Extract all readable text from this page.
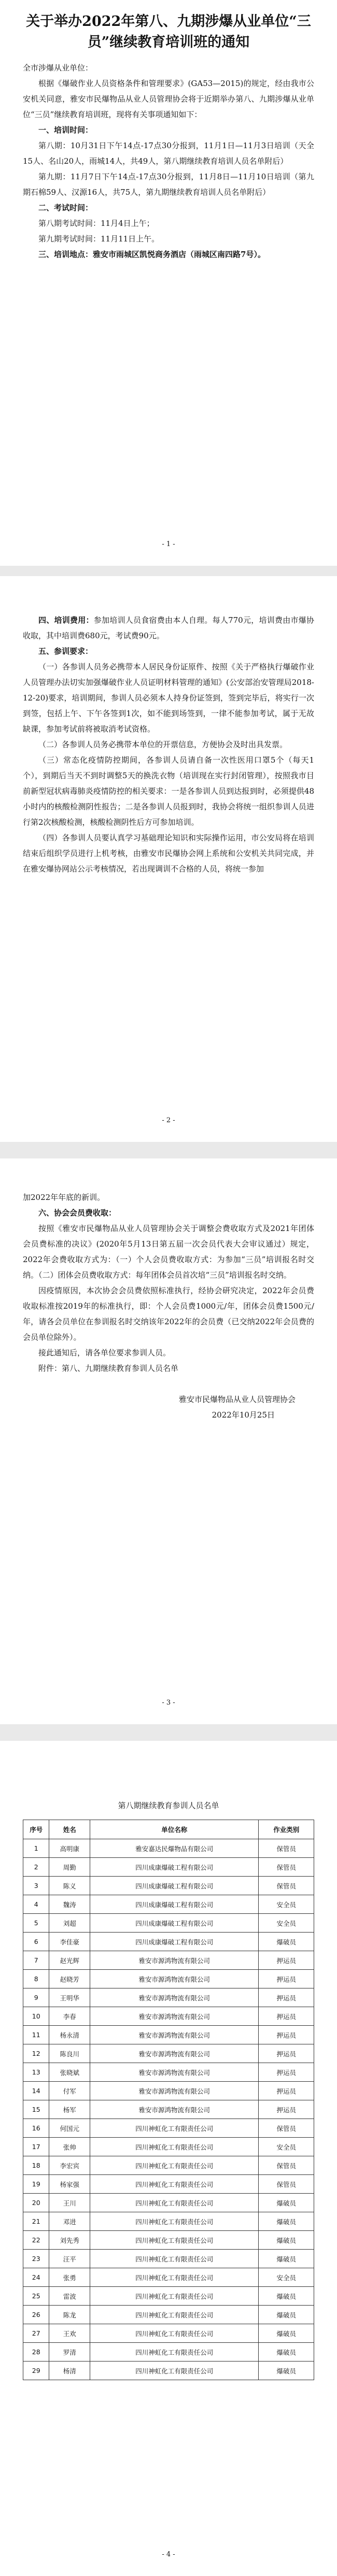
关于举办2022年第八、九期涉爆从业单位“三员”继续教育培训班的通知

全市涉爆从业单位：

根据《爆破作业人员资格条件和管理要求》(GA53—2015)的规定，经由我市公安机关同意，雅安市民爆物品从业人员管理协会将于近期举办第八、九期涉爆从业单位“三员”继续教育培训班，现将有关事项通知如下：

一、培训时间：

第八期：10月31日下午14点-17点30分报到，11月1日—11月3日培训（天全15人、名山20人，雨城14人，共49人，第八期继续教育培训人员名单附后）

第九期：11月7日下午14点-17点30分报到，11月8日—11月10日培训（第九期石棉59人、汉源16人，共75人，第九期继续教育培训人员名单附后）

二、考试时间：

第八期考试时间：11月4日上午；

第九期考试时间：11月11日上午。

三、培训地点：雅安市雨城区凯悦商务酒店（雨城区南四路7号）。

- 1 -

四、培训费用：参加培训人员食宿费由本人自理。每人770元，培训费由市爆协收取，其中培训费680元，考试费90元。

五、参训要求：

（一）各参训人员务必携带本人居民身份证原件、按照《关于严格执行爆破作业人员管理办法切实加强爆破作业人员证明材料管理的通知》(公安部治安管理局2018-12-20)要求，培训期间，参训人员必须本人持身份证签到，签到完毕后，将实行一次到签，包括上午、下午各签到1次，如不能到场签到，一律不能参加考试，属于无故缺课，参加考试前将被取消考试资格。

（二）各参训人员务必携带本单位的开票信息，方便协会及时出具发票。

（三）常态化疫情防控期间，各参训人员请自备一次性医用口罩5个（每天1个），到期后当天不到时调整5天的换洗衣物（培训现在实行封闭管理），按照我市目前新型冠状病毒肺炎疫情防控的相关要求：一是各参训人员到达报到时，必须提供48小时内的核酸检测阴性报告；二是各参训人员报到时，我协会将统一组织参训人员进行第2次核酸检测，核酸检测阴性后方可参加培训。

（四）各参训人员要认真学习基础理论知识和实际操作运用，市公安局将在培训结束后组织学员进行上机考核，由雅安市民爆协会网上系统和公安机关共同完成，并在雅安爆协网站公示考核情况，若出现调训不合格的人员，将统一参加

- 2 -

加2022年年底的新训。

六、协会会员费收取：

按照《雅安市民爆物品从业人员管理协会关于调整会费收取方式及2021年团体会员费标准的决议》(2020年5月13日第五届一次会员代表大会审议通过）规定，2022年会费收取方式为：（一）个人会员费收取方式：为参加“三员”培训报名时交纳。（二）团体会员费收取方式：每年团体会员首次培“三员”培训报名时交纳。

因疫情原因，本次协会会员费依照标准执行，经协会研究决定，2022年会员费收取标准按2019年的标准执行，即：个人会员费1000元/年，团体会员费1500元/年，请各会员单位在参训报名时交纳该年2022年的会员费（已交纳2022年会员费的会员单位除外）。

接此通知后，请各单位要求参训人员。

附件：第八、九期继续教育参训人员名单

雅安市民爆物品从业人员管理协会

2022年10月25日

- 3 -

第八期继续教育参训人员名单

序号	姓名	单位名称	作业类别
1	高明康	雅安嘉达民爆物品有限公司	保管员
2	周勤	四川成康爆破工程有限公司	保管员
3	陈义	四川成康爆破工程有限公司	保管员
4	魏涛	四川成康爆破工程有限公司	安全员
5	刘超	四川成康爆破工程有限公司	安全员
6	李佳豪	四川成康爆破工程有限公司	爆破员
7	赵光辉	雅安市源鸿物流有限公司	押运员
8	赵晓芳	雅安市源鸿物流有限公司	押运员
9	王明华	雅安市源鸿物流有限公司	押运员
10	李春	雅安市源鸿物流有限公司	押运员
11	杨永清	雅安市源鸿物流有限公司	押运员
12	陈良川	雅安市源鸿物流有限公司	押运员
13	张晓斌	雅安市源鸿物流有限公司	押运员
14	付军	雅安市源鸿物流有限公司	押运员
15	杨军	雅安市源鸿物流有限公司	押运员
16	何国元	四川神虹化工有限责任公司	保管员
17	张帅	四川神虹化工有限责任公司	安全员
18	李宏宾	四川神虹化工有限责任公司	保管员
19	杨家强	四川神虹化工有限责任公司	保管员
20	王川	四川神虹化工有限责任公司	爆破员
21	邓进	四川神虹化工有限责任公司	爆破员
22	刘先秀	四川神虹化工有限责任公司	爆破员
23	汪平	四川神虹化工有限责任公司	爆破员
24	张勇	四川神虹化工有限责任公司	安全员
25	雷波	四川神虹化工有限责任公司	爆破员
26	陈龙	四川神虹化工有限责任公司	爆破员
27	王欢	四川神虹化工有限责任公司	爆破员
28	罗清	四川神虹化工有限责任公司	爆破员
29	杨清	四川神虹化工有限责任公司	爆破员
- 4 -
